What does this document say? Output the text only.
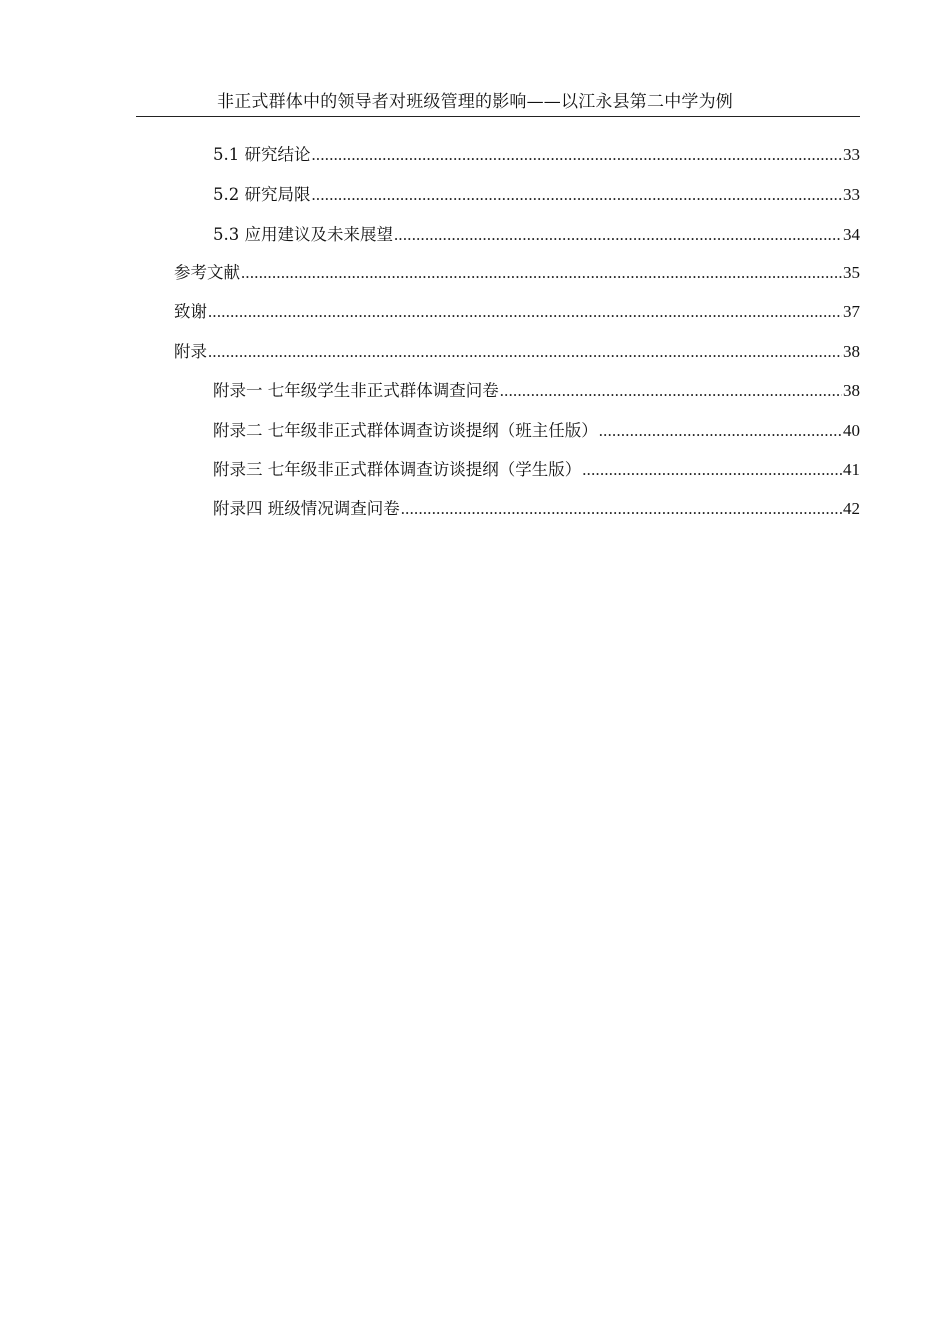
非正式群体中的领导者对班级管理的影响——以江永县第二中学为例
5.1 研究结论 .....	33
5.2 研究局限 .....	33
5.3 应用建议及未来展望 .....	34
参考文献 .....	35
致谢 .....	37
附录 .....	38
附录一 七年级学生非正式群体调查问卷 .....	38
附录二 七年级非正式群体调查访谈提纲（班主任版） .....	40
附录三 七年级非正式群体调查访谈提纲（学生版） .....	41
附录四 班级情况调查问卷 .....	42
